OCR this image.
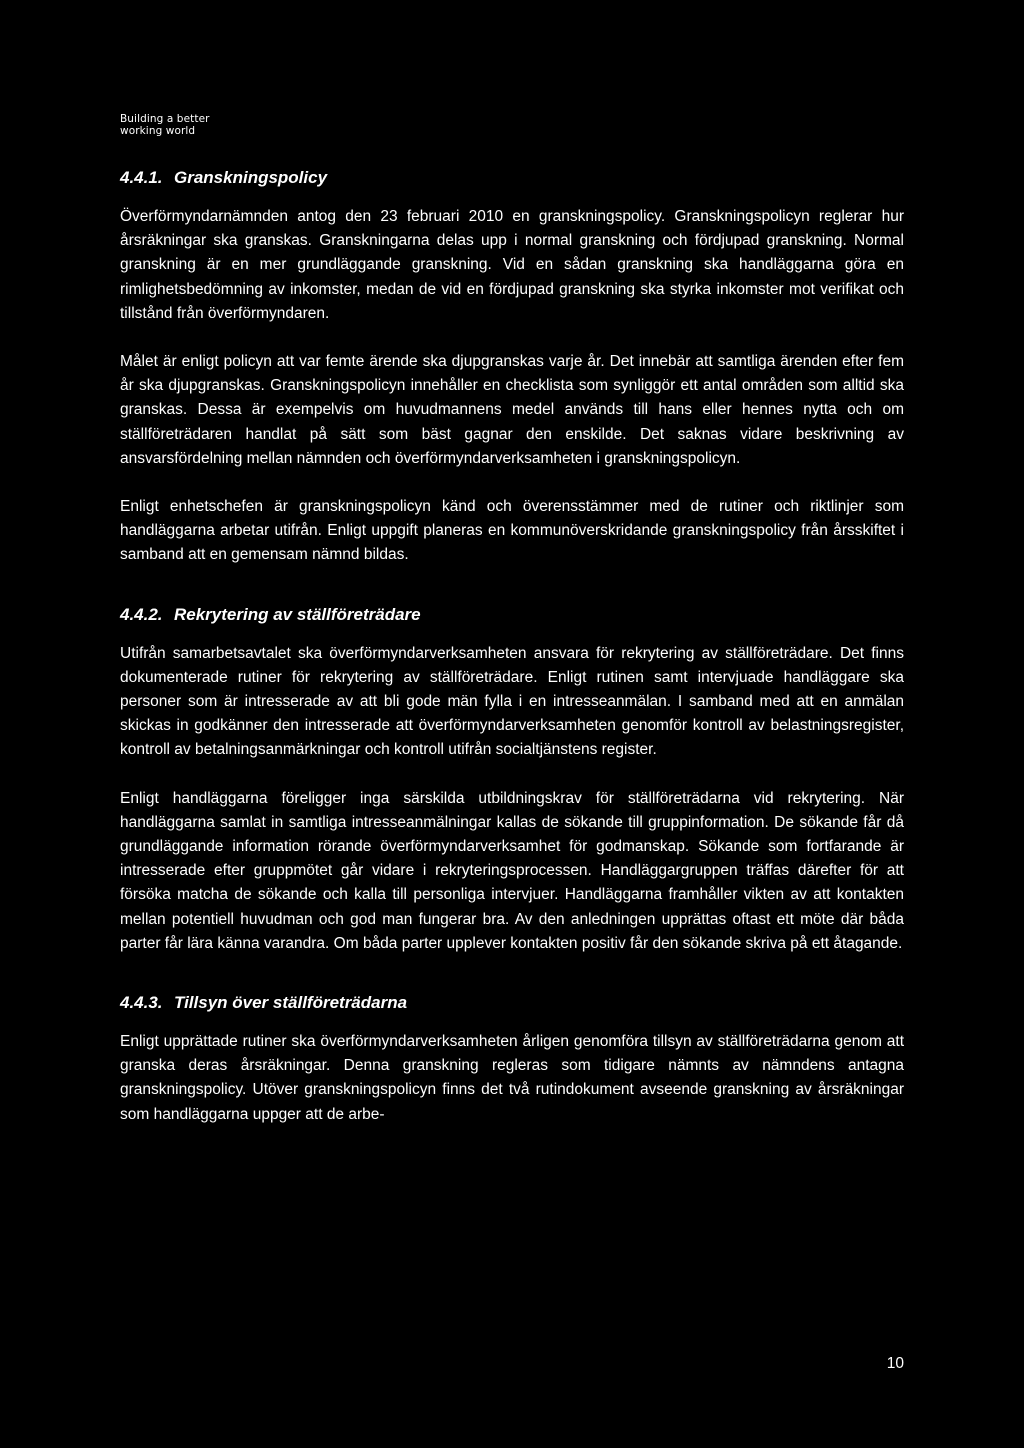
Building a better
working world
4.4.1. Granskningspolicy

Överförmyndarnämnden antog den 23 februari 2010 en granskningspolicy. Granskningspolicyn reglerar hur årsräkningar ska granskas. Granskningarna delas upp i normal granskning och fördjupad granskning. Normal granskning är en mer grundläggande granskning. Vid en sådan granskning ska handläggarna göra en rimlighetsbedömning av inkomster, medan de vid en fördjupad granskning ska styrka inkomster mot verifikat och tillstånd från överförmyndaren.

Målet är enligt policyn att var femte ärende ska djupgranskas varje år. Det innebär att samtliga ärenden efter fem år ska djupgranskas. Granskningspolicyn innehåller en checklista som synliggör ett antal områden som alltid ska granskas. Dessa är exempelvis om huvudmannens medel används till hans eller hennes nytta och om ställföreträdaren handlat på sätt som bäst gagnar den enskilde. Det saknas vidare beskrivning av ansvarsfördelning mellan nämnden och överförmyndarverksamheten i granskningspolicyn.

Enligt enhetschefen är granskningspolicyn känd och överensstämmer med de rutiner och riktlinjer som handläggarna arbetar utifrån. Enligt uppgift planeras en kommunöverskridande granskningspolicy från årsskiftet i samband att en gemensam nämnd bildas.

4.4.2. Rekrytering av ställföreträdare

Utifrån samarbetsavtalet ska överförmyndarverksamheten ansvara för rekrytering av ställföreträdare. Det finns dokumenterade rutiner för rekrytering av ställföreträdare. Enligt rutinen samt intervjuade handläggare ska personer som är intresserade av att bli gode män fylla i en intresseanmälan. I samband med att en anmälan skickas in godkänner den intresserade att överförmyndarverksamheten genomför kontroll av belastningsregister, kontroll av betalningsanmärkningar och kontroll utifrån socialtjänstens register.

Enligt handläggarna föreligger inga särskilda utbildningskrav för ställföreträdarna vid rekrytering. När handläggarna samlat in samtliga intresseanmälningar kallas de sökande till gruppinformation. De sökande får då grundläggande information rörande överförmyndarverksamhet för godmanskap. Sökande som fortfarande är intresserade efter gruppmötet går vidare i rekryteringsprocessen. Handläggargruppen träffas därefter för att försöka matcha de sökande och kalla till personliga intervjuer. Handläggarna framhåller vikten av att kontakten mellan potentiell huvudman och god man fungerar bra. Av den anledningen upprättas oftast ett möte där båda parter får lära känna varandra. Om båda parter upplever kontakten positiv får den sökande skriva på ett åtagande.

4.4.3. Tillsyn över ställföreträdarna

Enligt upprättade rutiner ska överförmyndarverksamheten årligen genomföra tillsyn av ställföreträdarna genom att granska deras årsräkningar. Denna granskning regleras som tidigare nämnts av nämndens antagna granskningspolicy. Utöver granskningspolicyn finns det två rutindokument avseende granskning av årsräkningar som handläggarna uppger att de arbe-

10
